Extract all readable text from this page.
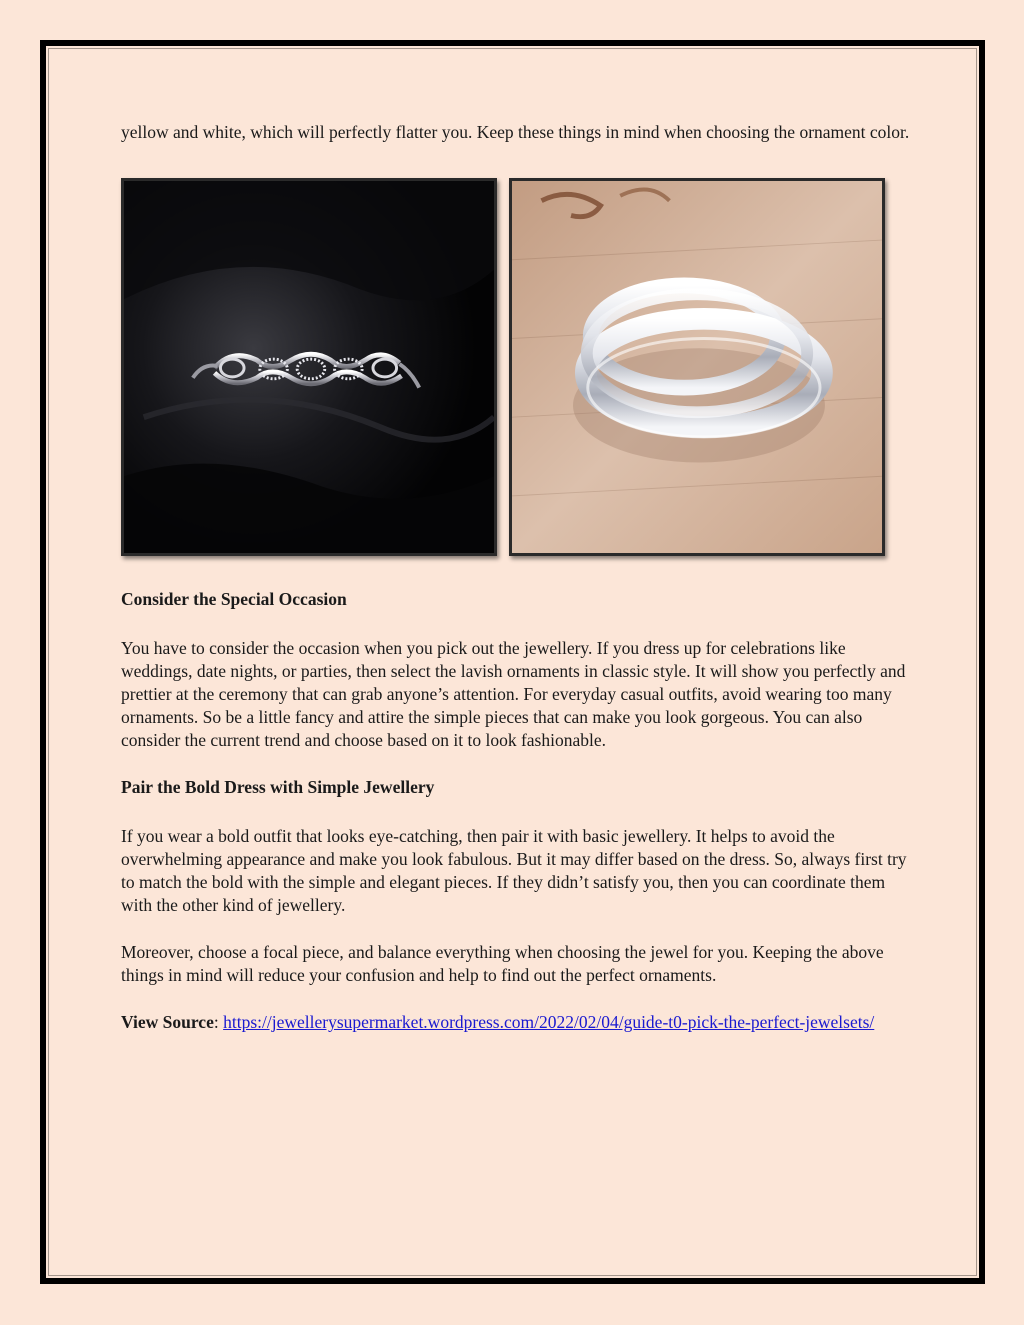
yellow and white, which will perfectly flatter you. Keep these things in mind when choosing the ornament color.

Consider the Special Occasion

You have to consider the occasion when you pick out the jewellery. If you dress up for celebrations like weddings, date nights, or parties, then select the lavish ornaments in classic style. It will show you perfectly and prettier at the ceremony that can grab anyone’s attention. For everyday casual outfits, avoid wearing too many ornaments. So be a little fancy and attire the simple pieces that can make you look gorgeous. You can also consider the current trend and choose based on it to look fashionable.

Pair the Bold Dress with Simple Jewellery

If you wear a bold outfit that looks eye-catching, then pair it with basic jewellery. It helps to avoid the overwhelming appearance and make you look fabulous. But it may differ based on the dress. So, always first try to match the bold with the simple and elegant pieces. If they didn’t satisfy you, then you can coordinate them with the other kind of jewellery.

Moreover, choose a focal piece, and balance everything when choosing the jewel for you. Keeping the above things in mind will reduce your confusion and help to find out the perfect ornaments.

View Source: https://jewellerysupermarket.wordpress.com/2022/02/04/guide-t0-pick-the-perfect-jewelsets/
